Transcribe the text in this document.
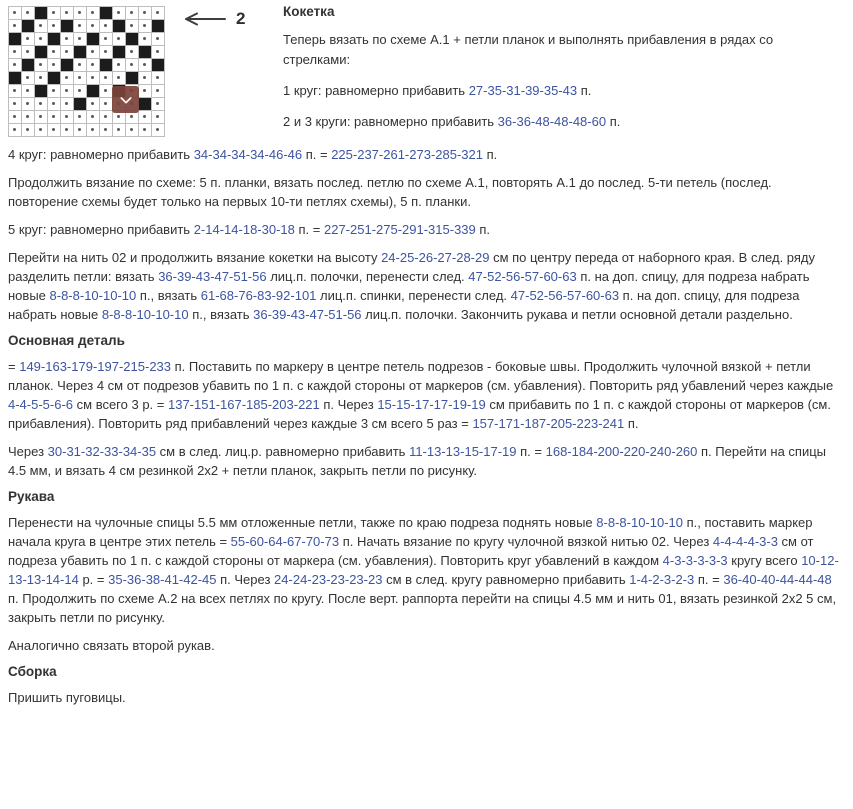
2	Кокетка

Теперь вязать по схеме А.1 + петли планок и выполнять прибавления в рядах со стрелками:

1 круг: равномерно прибавить 27-35-31-39-35-43 п.

2 и 3 круги: равномерно прибавить 36-36-48-48-48-60 п.

4 круг: равномерно прибавить 34-34-34-34-46-46 п. = 225-237-261-273-285-321 п.

Продолжить вязание по схеме: 5 п. планки, вязать послед. петлю по схеме А.1, повторять А.1 до послед. 5-ти петель (послед. повторение схемы будет только на первых 10-ти петлях схемы), 5 п. планки.

5 круг: равномерно прибавить 2-14-14-18-30-18 п. = 227-251-275-291-315-339 п.

Перейти на нить 02 и продолжить вязание кокетки на высоту 24-25-26-27-28-29 см по центру переда от наборного края. В след. ряду разделить петли: вязать 36-39-43-47-51-56 лиц.п. полочки, перенести след. 47-52-56-57-60-63 п. на доп. спицу, для подреза набрать новые 8-8-8-10-10-10 п., вязать 61-68-76-83-92-101 лиц.п. спинки, перенести след. 47-52-56-57-60-63 п. на доп. спицу, для подреза набрать новые 8-8-8-10-10-10 п., вязать 36-39-43-47-51-56 лиц.п. полочки. Закончить рукава и петли основной детали раздельно.

Основная деталь

= 149-163-179-197-215-233 п. Поставить по маркеру в центре петель подрезов - боковые швы. Продолжить чулочной вязкой + петли планок. Через 4 см от подрезов убавить по 1 п. с каждой стороны от маркеров (см. убавления). Повторить ряд убавлений через каждые 4-4-5-5-6-6 см всего 3 р. = 137-151-167-185-203-221 п. Через 15-15-17-17-19-19 см прибавить по 1 п. с каждой стороны от маркеров (см. прибавления). Повторить ряд прибавлений через каждые 3 см всего 5 раз = 157-171-187-205-223-241 п.

Через 30-31-32-33-34-35 см в след. лиц.р. равномерно прибавить 11-13-13-15-17-19 п. = 168-184-200-220-240-260 п. Перейти на спицы 4.5 мм, и вязать 4 см резинкой 2х2 + петли планок, закрыть петли по рисунку.

Рукава

Перенести на чулочные спицы 5.5 мм отложенные петли, также по краю подреза поднять новые 8-8-8-10-10-10 п., поставить маркер начала круга в центре этих петель = 55-60-64-67-70-73 п. Начать вязание по кругу чулочной вязкой нитью 02. Через 4-4-4-4-3-3 см от подреза убавить по 1 п. с каждой стороны от маркера (см. убавления). Повторить круг убавлений в каждом 4-3-3-3-3-3 кругу всего 10-12-13-13-14-14 р. = 35-36-38-41-42-45 п. Через 24-24-23-23-23-23 см в след. кругу равномерно прибавить 1-4-2-3-2-3 п. = 36-40-40-44-44-48 п. Продолжить по схеме А.2 на всех петлях по кругу. После верт. раппорта перейти на спицы 4.5 мм и нить 01, вязать резинкой 2х2 5 см, закрыть петли по рисунку.

Аналогично связать второй рукав.

Сборка

Пришить пуговицы.
